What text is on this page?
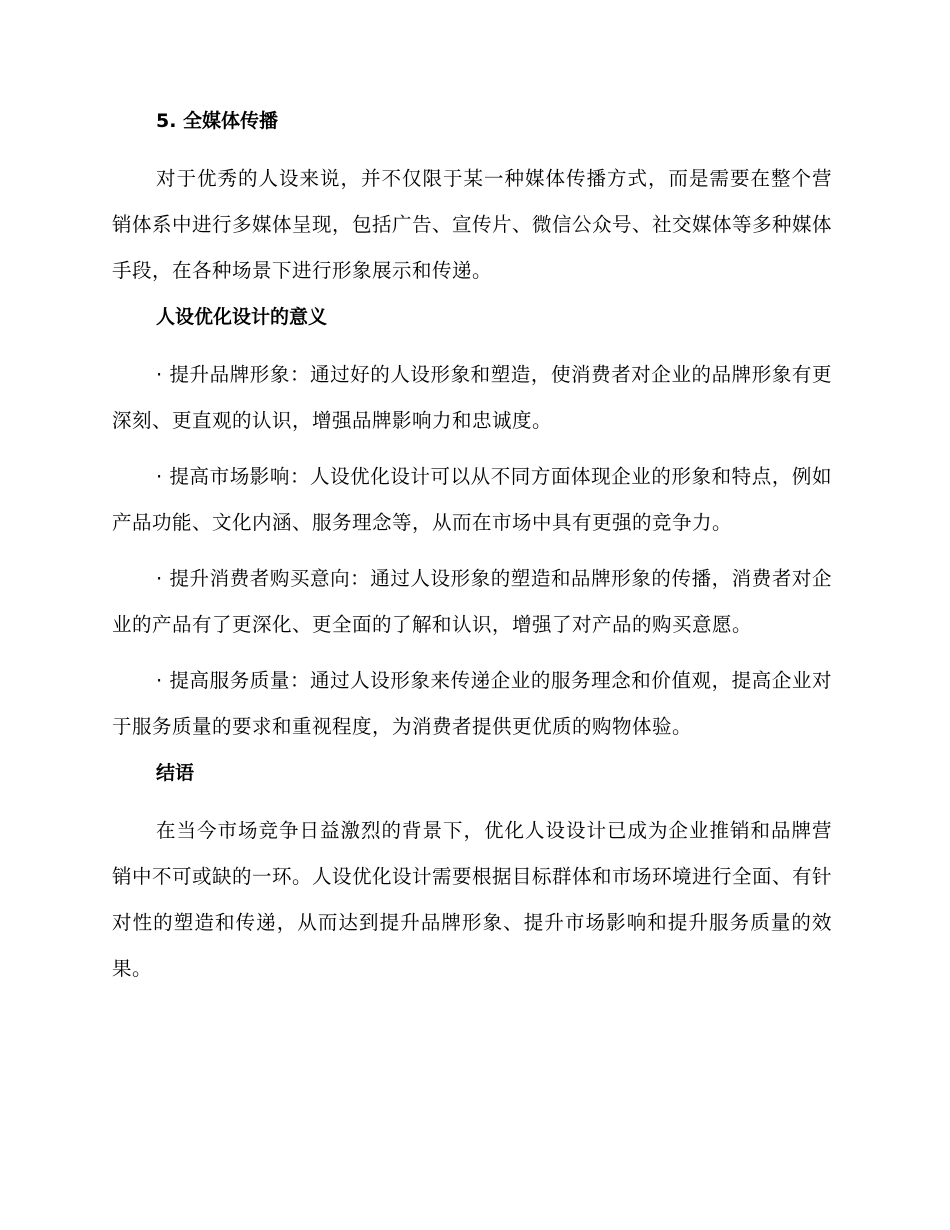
5. 全媒体传播

对于优秀的人设来说，并不仅限于某一种媒体传播方式，而是需要在整个营销体系中进行多媒体呈现，包括广告、宣传片、微信公众号、社交媒体等多种媒体手段，在各种场景下进行形象展示和传递。

人设优化设计的意义

· 提升品牌形象：通过好的人设形象和塑造，使消费者对企业的品牌形象有更深刻、更直观的认识，增强品牌影响力和忠诚度。

· 提高市场影响：人设优化设计可以从不同方面体现企业的形象和特点，例如产品功能、文化内涵、服务理念等，从而在市场中具有更强的竞争力。

· 提升消费者购买意向：通过人设形象的塑造和品牌形象的传播，消费者对企业的产品有了更深化、更全面的了解和认识，增强了对产品的购买意愿。

· 提高服务质量：通过人设形象来传递企业的服务理念和价值观，提高企业对于服务质量的要求和重视程度，为消费者提供更优质的购物体验。

结语

在当今市场竞争日益激烈的背景下，优化人设设计已成为企业推销和品牌营销中不可或缺的一环。人设优化设计需要根据目标群体和市场环境进行全面、有针对性的塑造和传递，从而达到提升品牌形象、提升市场影响和提升服务质量的效果。
